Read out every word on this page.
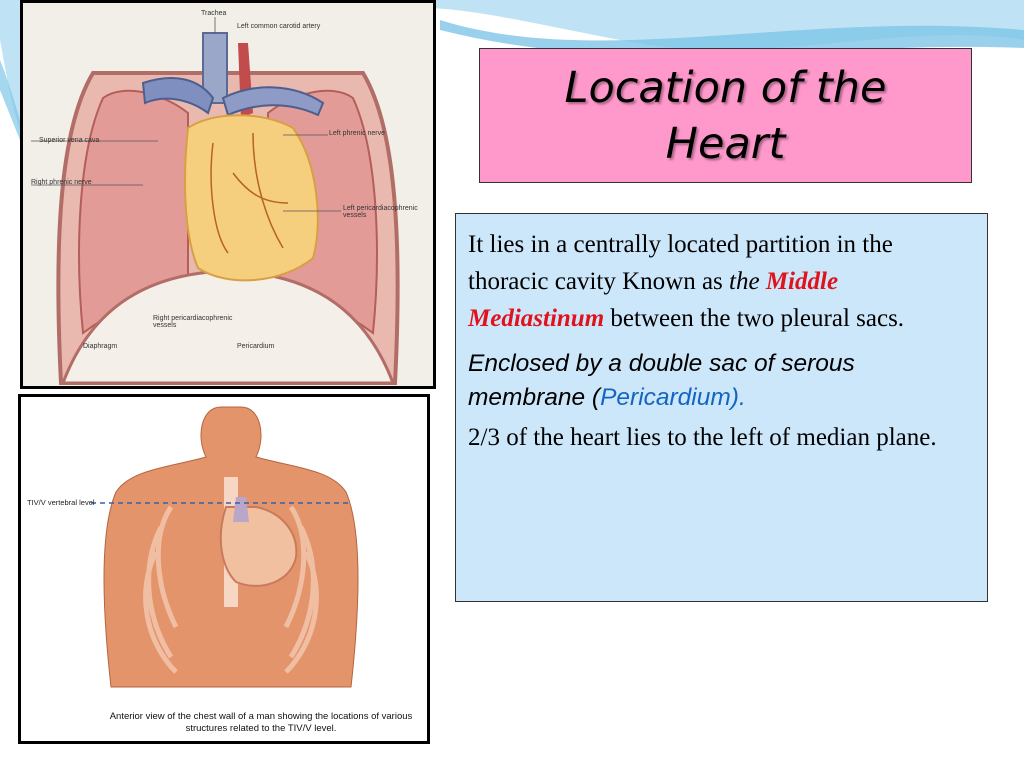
Trachea
Left common carotid artery
Superior vena cava
Left phrenic nerve
Right phrenic nerve
Left pericardiacophrenic vessels
Right pericardiacophrenic vessels
Diaphragm	Pericardium
TIV/V vertebral level
Anterior view of the chest wall of a man showing the locations of various structures related to the TIV/V level.
Location of the Heart

It lies in a centrally located partition in the thoracic cavity Known as the Middle Mediastinum between the two pleural sacs.

Enclosed by a double sac of serous membrane (Pericardium).

2/3 of the heart lies to the left of median plane.
